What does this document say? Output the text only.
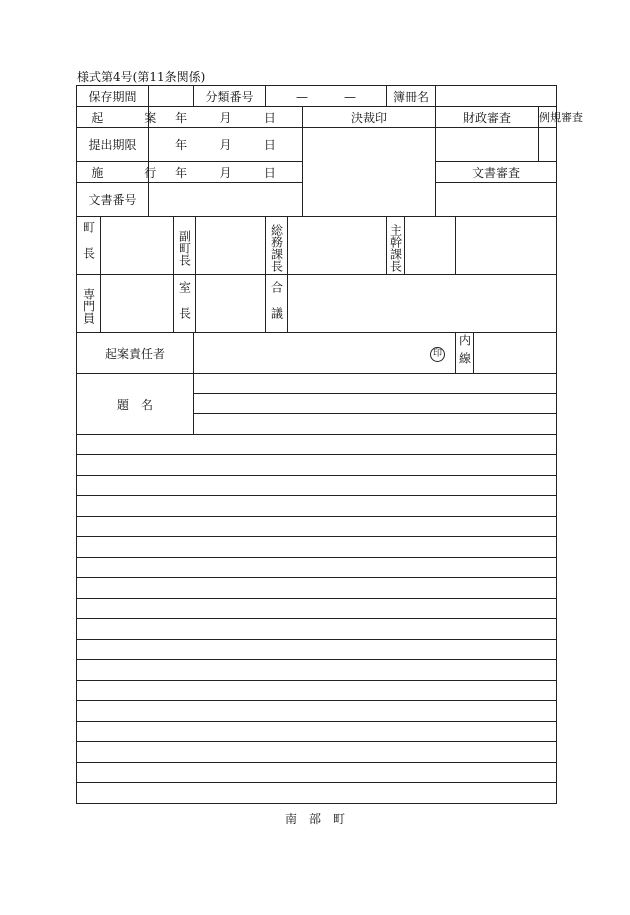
様式第4号(第11条関係)
保存期間			分類番号	—　　　—		簿冊名				
起　案	年 月 日				決裁印		財政審査			例規審査
提出期限	年 月 日									

施　行	年 月 日						文書審査			
文書番号										

町長		副町長		総務課長		主幹課長				

専門員		室長		合議						

起案責任者			印					内線		
題　名										

南　部　町
